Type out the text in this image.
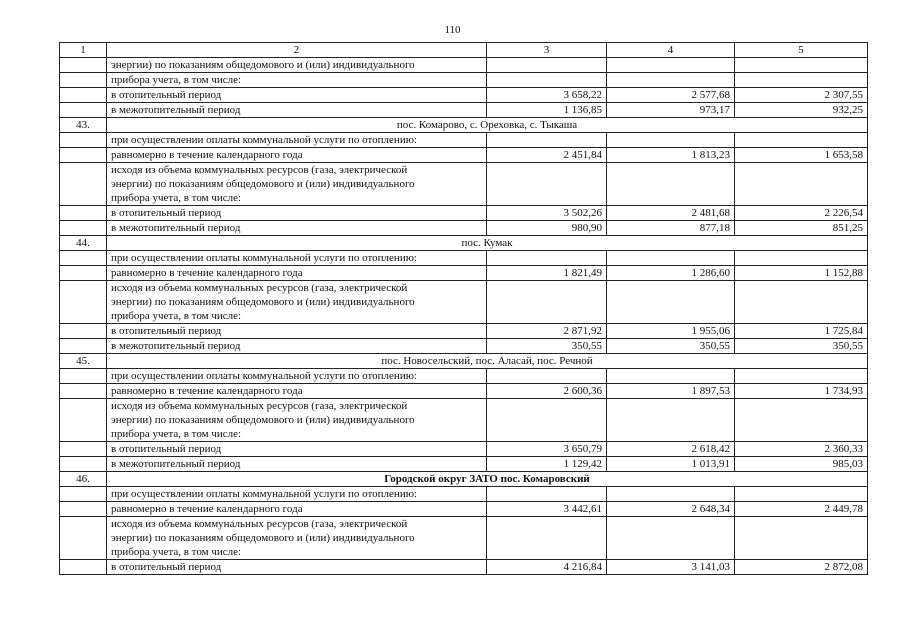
110
1	2	3	4	5
	энергии) по показаниям общедомового и (или) индивидуального			
	прибора учета, в том числе:			
	в отопительный период	3 658,22	2 577,68	2 307,55
	в межотопительный период	1 136,85	973,17	932,25
43.	пос. Комарово, с. Ореховка, с. Тыкаша			
	при осуществлении оплаты коммунальной услуги по отоплению:			
	равномерно в течение календарного года	2 451,84	1 813,23	1 653,58

	исходя из объема коммунальных ресурсов (газа, электрической
энергии) по показаниям общедомового и (или) индивидуального
прибора учета, в том числе:			

	в отопительный период	3 502,26	2 481,68	2 226,54
	в межотопительный период	980,90	877,18	851,25
44.	пос. Кумак			
	при осуществлении оплаты коммунальной услуги по отоплению:			
	равномерно в течение календарного года	1 821,49	1 286,60	1 152,88

	исходя из объема коммунальных ресурсов (газа, электрической
энергии) по показаниям общедомового и (или) индивидуального
прибора учета, в том числе:			

	в отопительный период	2 871,92	1 955,06	1 725,84
	в межотопительный период	350,55	350,55	350,55
45.	пос. Новосельский, пос. Аласай, пос. Речной			
	при осуществлении оплаты коммунальной услуги по отоплению:			
	равномерно в течение календарного года	2 600,36	1 897,53	1 734,93

	исходя из объема коммунальных ресурсов (газа, электрической
энергии) по показаниям общедомового и (или) индивидуального
прибора учета, в том числе:			

	в отопительный период	3 650,79	2 618,42	2 360,33
	в межотопительный период	1 129,42	1 013,91	985,03
46.	Городской округ ЗАТО пос. Комаровский			
	при осуществлении оплаты коммунальной услуги по отоплению:			
	равномерно в течение календарного года	3 442,61	2 648,34	2 449,78

	исходя из объема коммунальных ресурсов (газа, электрической
энергии) по показаниям общедомового и (или) индивидуального
прибора учета, в том числе:			

	в отопительный период	4 216,84	3 141,03	2 872,08
